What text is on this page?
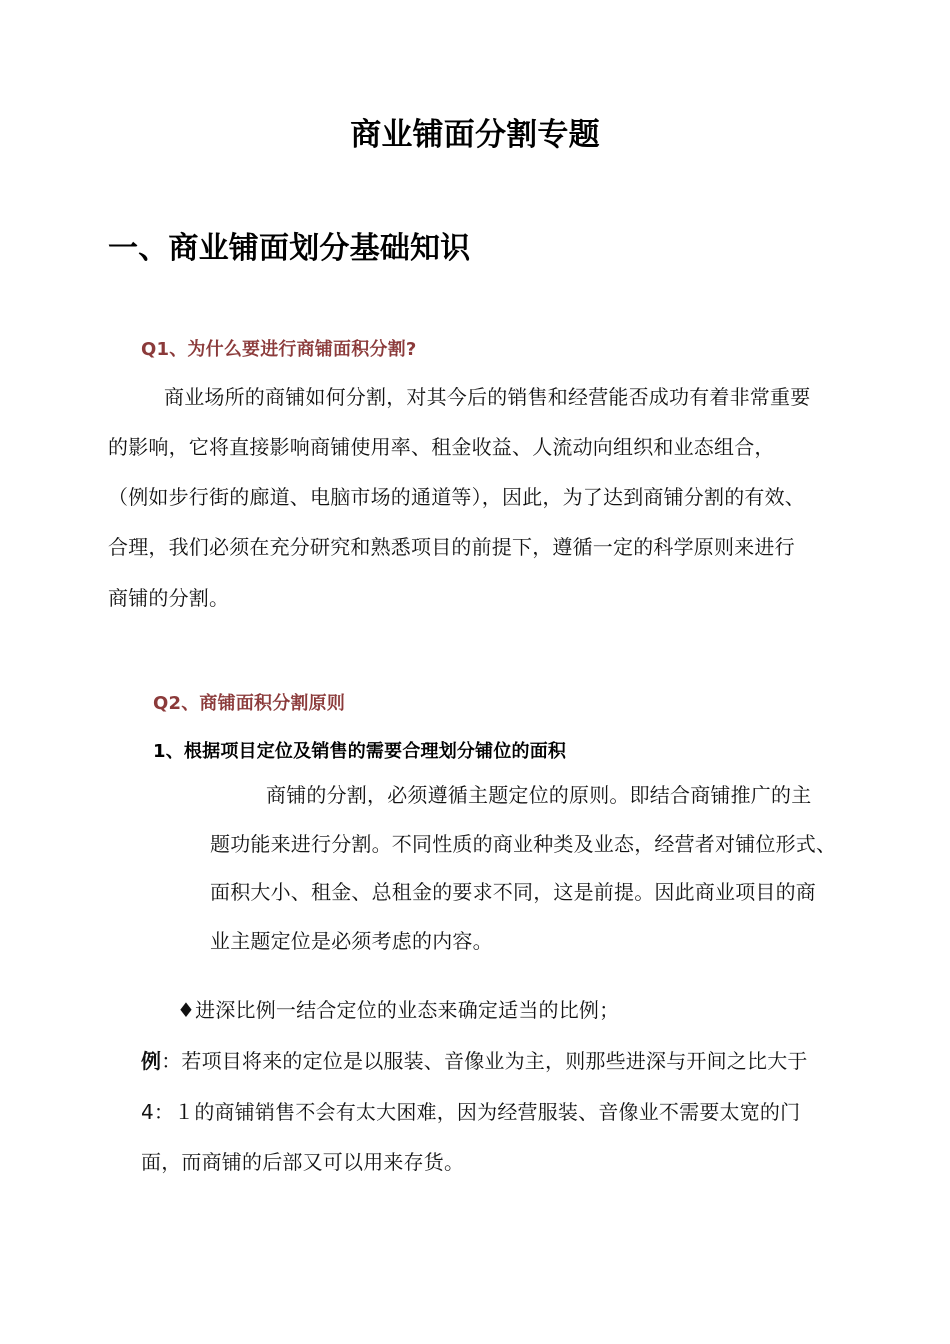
商业铺面分割专题
一、商业铺面划分基础知识
Q1、为什么要进行商铺面积分割?
商业场所的商铺如何分割，对其今后的销售和经营能否成功有着非常重要
的影响，它将直接影响商铺使用率、租金收益、人流动向组织和业态组合，
（例如步行街的廊道、电脑市场的通道等），因此，为了达到商铺分割的有效、
合理，我们必须在充分研究和熟悉项目的前提下，遵循一定的科学原则来进行
商铺的分割。
Q2、商铺面积分割原则
1、根据项目定位及销售的需要合理划分铺位的面积
商铺的分割，必须遵循主题定位的原则。即结合商铺推广的主
题功能来进行分割。不同性质的商业种类及业态，经营者对铺位形式、
面积大小、租金、总租金的要求不同，这是前提。因此商业项目的商
业主题定位是必须考虑的内容。
♦进深比例一结合定位的业态来确定适当的比例；
例：若项目将来的定位是以服装、音像业为主，则那些进深与开间之比大于
4：１的商铺销售不会有太大困难，因为经营服装、音像业不需要太宽的门
面，而商铺的后部又可以用来存货。
